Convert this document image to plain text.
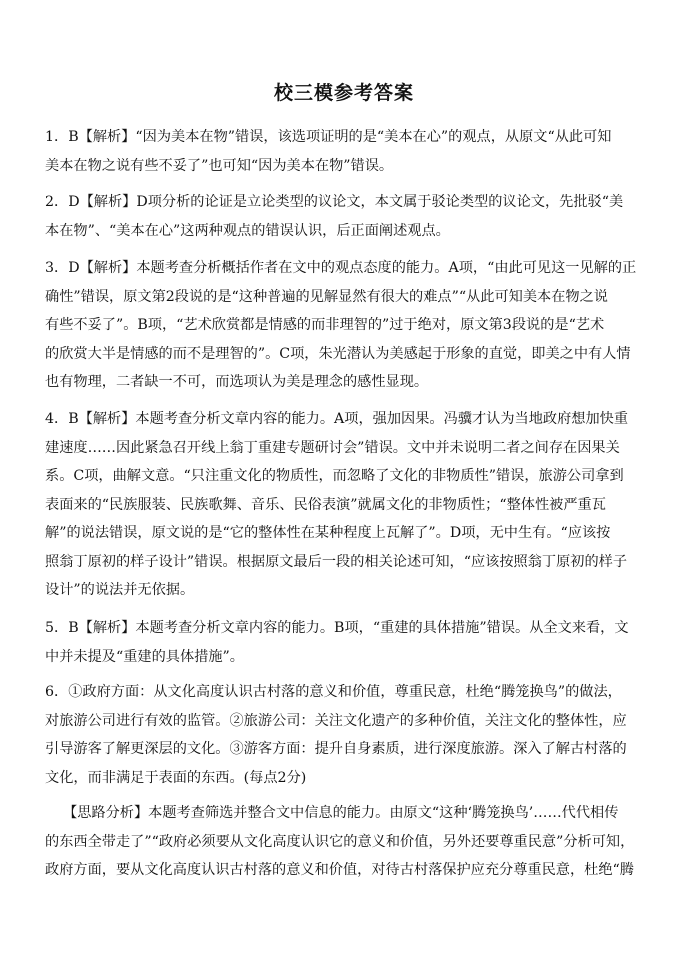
校三模参考答案
1．B【解析】“因为美本在物”错误，该选项证明的是“美本在心”的观点，从原文“从此可知
美本在物之说有些不妥了”也可知“因为美本在物”错误。
2．D【解析】D项分析的论证是立论类型的议论文，本文属于驳论类型的议论文，先批驳“美
本在物”、“美本在心”这两种观点的错误认识，后正面阐述观点。
3．D【解析】本题考查分析概括作者在文中的观点态度的能力。A项，“由此可见这一见解的正
确性”错误，原文第2段说的是“这种普遍的见解显然有很大的难点”“从此可知美本在物之说
有些不妥了”。B项，“艺术欣赏都是情感的而非理智的”过于绝对，原文第3段说的是“艺术
的欣赏大半是情感的而不是理智的”。C项，朱光潜认为美感起于形象的直觉，即美之中有人情
也有物理，二者缺一不可，而选项认为美是理念的感性显现。
4．B【解析】本题考查分析文章内容的能力。A项，强加因果。冯骥才认为当地政府想加快重
建速度……因此紧急召开线上翁丁重建专题研讨会”错误。文中并未说明二者之间存在因果关
系。C项，曲解文意。“只注重文化的物质性，而忽略了文化的非物质性”错误，旅游公司拿到
表面来的“民族服装、民族歌舞、音乐、民俗表演”就属文化的非物质性；“整体性被严重瓦
解”的说法错误，原文说的是“它的整体性在某种程度上瓦解了”。D项，无中生有。“应该按
照翁丁原初的样子设计”错误。根据原文最后一段的相关论述可知，“应该按照翁丁原初的样子
设计”的说法并无依据。
5．B【解析】本题考查分析文章内容的能力。B项，“重建的具体措施”错误。从全文来看，文
中并未提及“重建的具体措施”。
6．①政府方面：从文化高度认识古村落的意义和价值，尊重民意，杜绝“腾笼换鸟”的做法，
对旅游公司进行有效的监管。②旅游公司：关注文化遗产的多种价值，关注文化的整体性，应
引导游客了解更深层的文化。③游客方面：提升自身素质，进行深度旅游。深入了解古村落的
文化，而非满足于表面的东西。(每点2分)
【思路分析】本题考查筛选并整合文中信息的能力。由原文“这种‘腾笼换鸟’……代代相传
的东西全带走了”“政府必须要从文化高度认识它的意义和价值，另外还要尊重民意”分析可知，
政府方面，要从文化高度认识古村落的意义和价值，对待古村落保护应充分尊重民意，杜绝“腾
